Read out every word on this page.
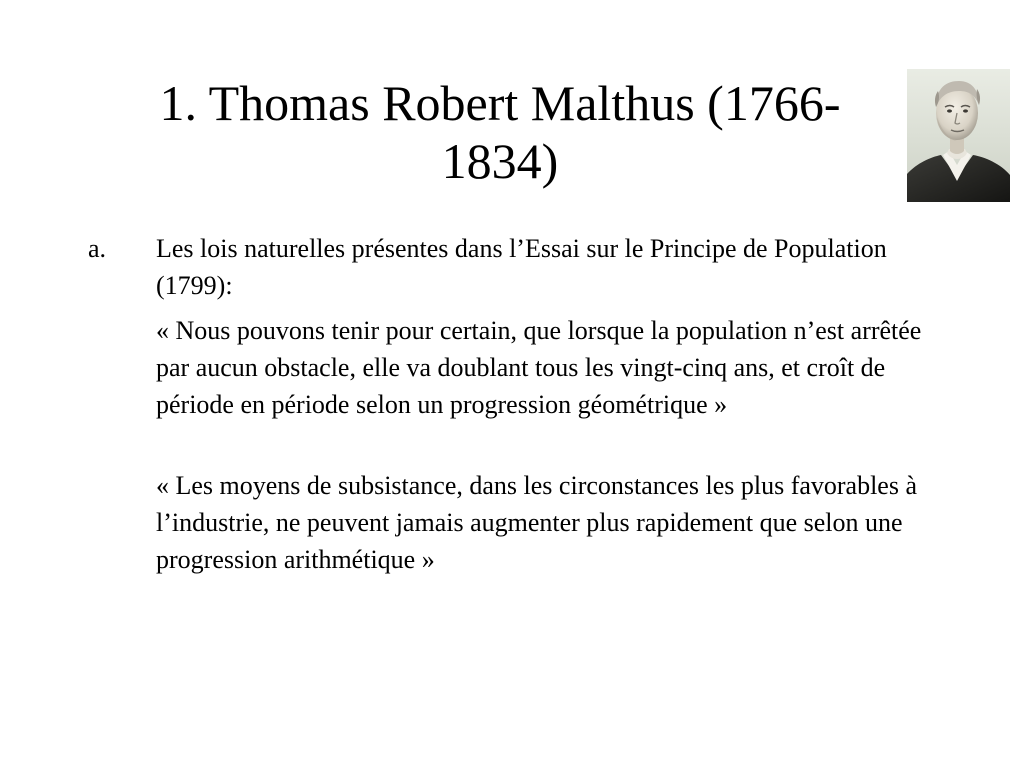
1. Thomas Robert Malthus (1766-
1834)
a. Les lois naturelles présentes dans l’Essai sur le Principe de Population (1799):

« Nous pouvons tenir pour certain, que lorsque la population n’est arrêtée par aucun obstacle, elle va doublant tous les vingt-cinq ans, et croît de période en période selon un progression géométrique »

« Les moyens de subsistance, dans les circonstances les plus favorables à l’industrie, ne peuvent jamais augmenter plus rapidement que selon une progression arithmétique »
